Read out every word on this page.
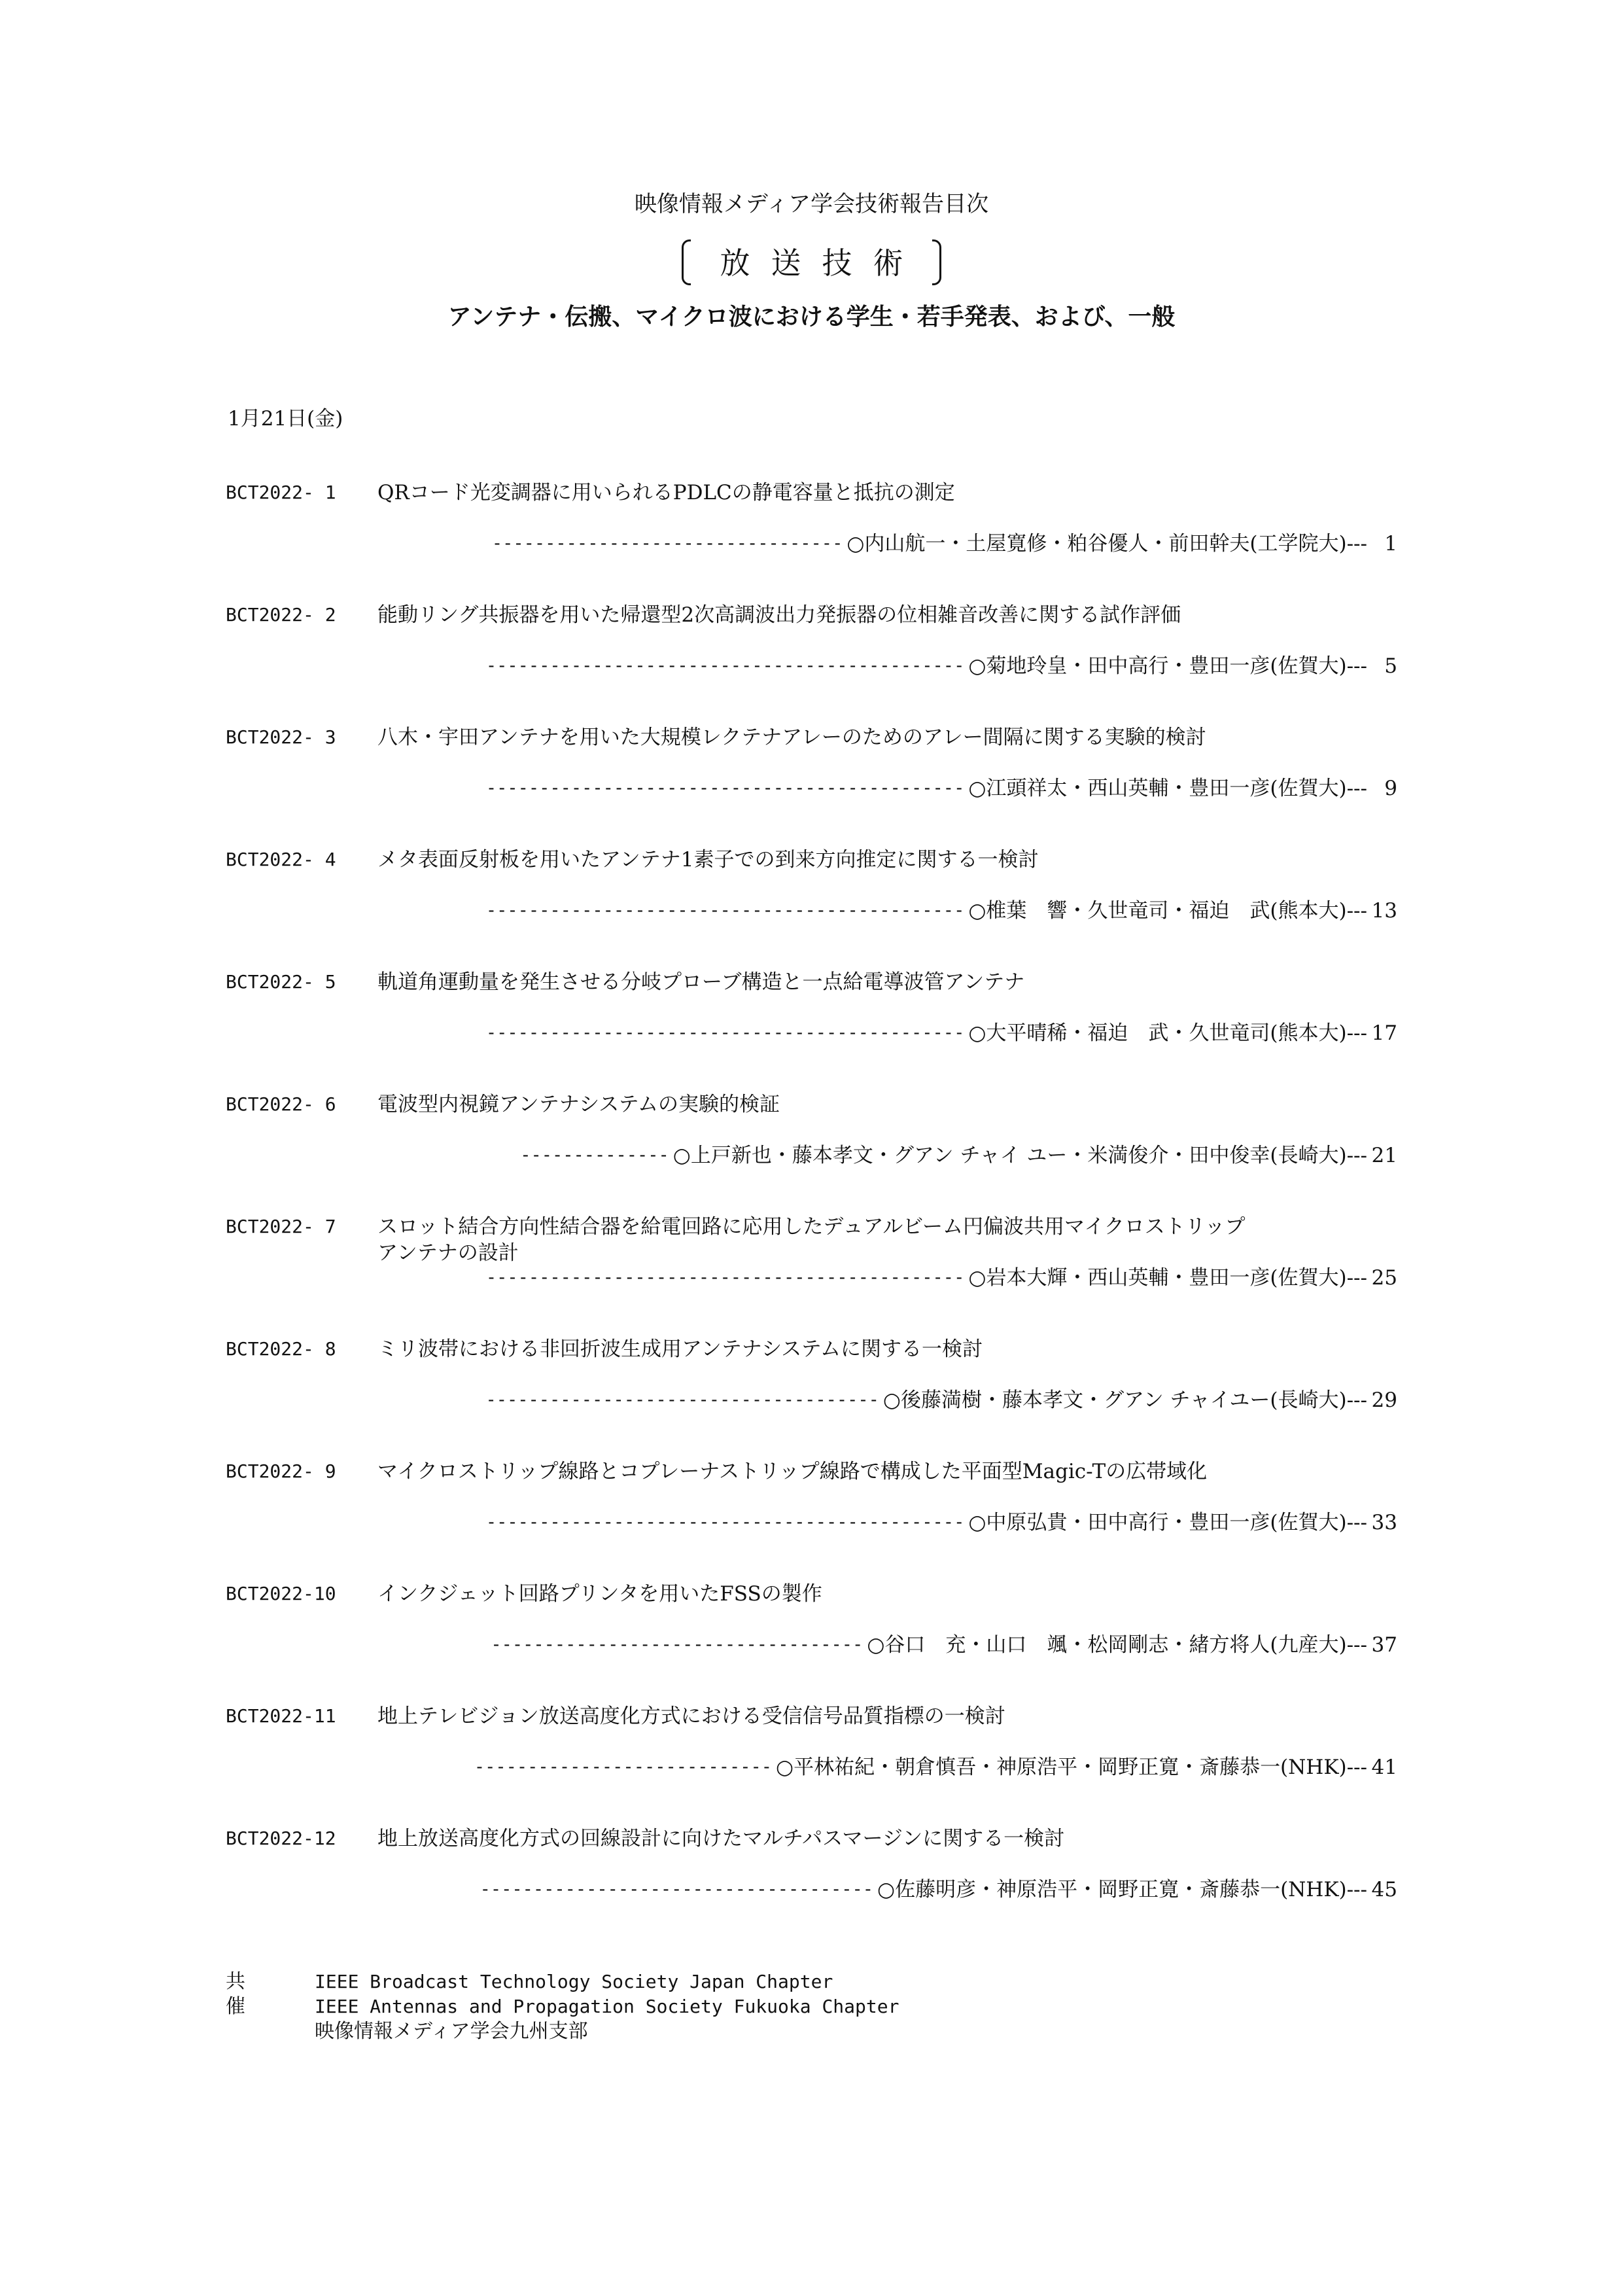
映像情報メディア学会技術報告目次
放送技術
アンテナ・伝搬、マイクロ波における学生・若手発表、および、一般
1月21日(金)
BCT2022- 1 QRコード光変調器に用いられるPDLCの静電容量と抵抗の測定
--------------------------------- ○内山航一・土屋寛修・粕谷優人・前田幹夫(工学院大)--- 1
BCT2022- 2 能動リング共振器を用いた帰還型2次高調波出力発振器の位相雑音改善に関する試作評価
--------------------------------------------- ○菊地玲皇・田中高行・豊田一彦(佐賀大)--- 5
BCT2022- 3 八木・宇田アンテナを用いた大規模レクテナアレーのためのアレー間隔に関する実験的検討
--------------------------------------------- ○江頭祥太・西山英輔・豊田一彦(佐賀大)--- 9
BCT2022- 4 メタ表面反射板を用いたアンテナ1素子での到来方向推定に関する一検討
--------------------------------------------- ○椎葉　響・久世竜司・福迫　武(熊本大)--- 13
BCT2022- 5 軌道角運動量を発生させる分岐プローブ構造と一点給電導波管アンテナ
--------------------------------------------- ○大平晴稀・福迫　武・久世竜司(熊本大)--- 17
BCT2022- 6 電波型内視鏡アンテナシステムの実験的検証
-------------- ○上戸新也・藤本孝文・グアン チャイ ユー・米満俊介・田中俊幸(長崎大)--- 21
BCT2022- 7 スロット結合方向性結合器を給電回路に応用したデュアルビーム円偏波共用マイクロストリップ
アンテナの設計
--------------------------------------------- ○岩本大輝・西山英輔・豊田一彦(佐賀大)--- 25
BCT2022- 8 ミリ波帯における非回折波生成用アンテナシステムに関する一検討
------------------------------------- ○後藤満樹・藤本孝文・グアン チャイユー(長崎大)--- 29
BCT2022- 9 マイクロストリップ線路とコプレーナストリップ線路で構成した平面型Magic-Tの広帯域化
--------------------------------------------- ○中原弘貴・田中高行・豊田一彦(佐賀大)--- 33
BCT2022-10 インクジェット回路プリンタを用いたFSSの製作
----------------------------------- ○谷口　充・山口　颯・松岡剛志・緒方将人(九産大)--- 37
BCT2022-11 地上テレビジョン放送高度化方式における受信信号品質指標の一検討
---------------------------- ○平林祐紀・朝倉慎吾・神原浩平・岡野正寛・斎藤恭一(NHK)--- 41
BCT2022-12 地上放送高度化方式の回線設計に向けたマルチパスマージンに関する一検討
------------------------------------- ○佐藤明彦・神原浩平・岡野正寛・斎藤恭一(NHK)--- 45
共催
IEEE Broadcast Technology Society Japan Chapter
IEEE Antennas and Propagation Society Fukuoka Chapter
映像情報メディア学会九州支部
